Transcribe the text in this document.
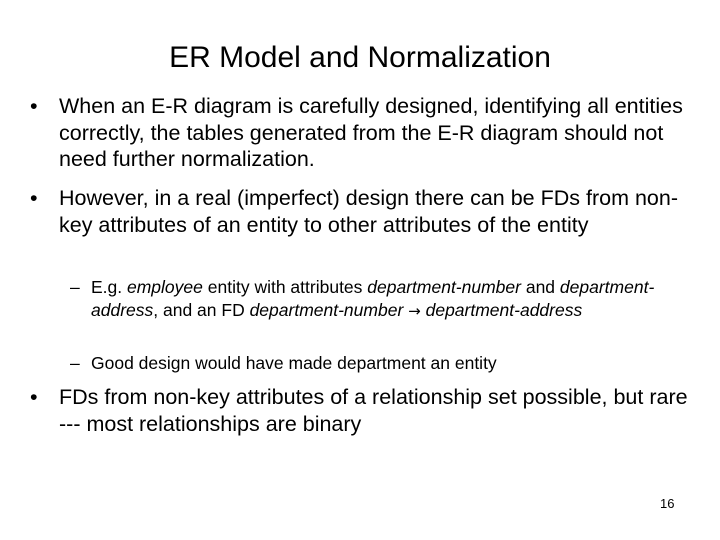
ER Model and Normalization
• When an E-R diagram is carefully designed, identifying all entities correctly, the tables generated from the E-R diagram should not need further normalization.
• However, in a real (imperfect) design there can be FDs from non-key attributes of an entity to other attributes of the entity
– E.g. employee entity with attributes department-number and department-address, and an FD department-number → department-address
– Good design would have made department an entity
• FDs from non-key attributes of a relationship set possible, but rare --- most relationships are binary
16
